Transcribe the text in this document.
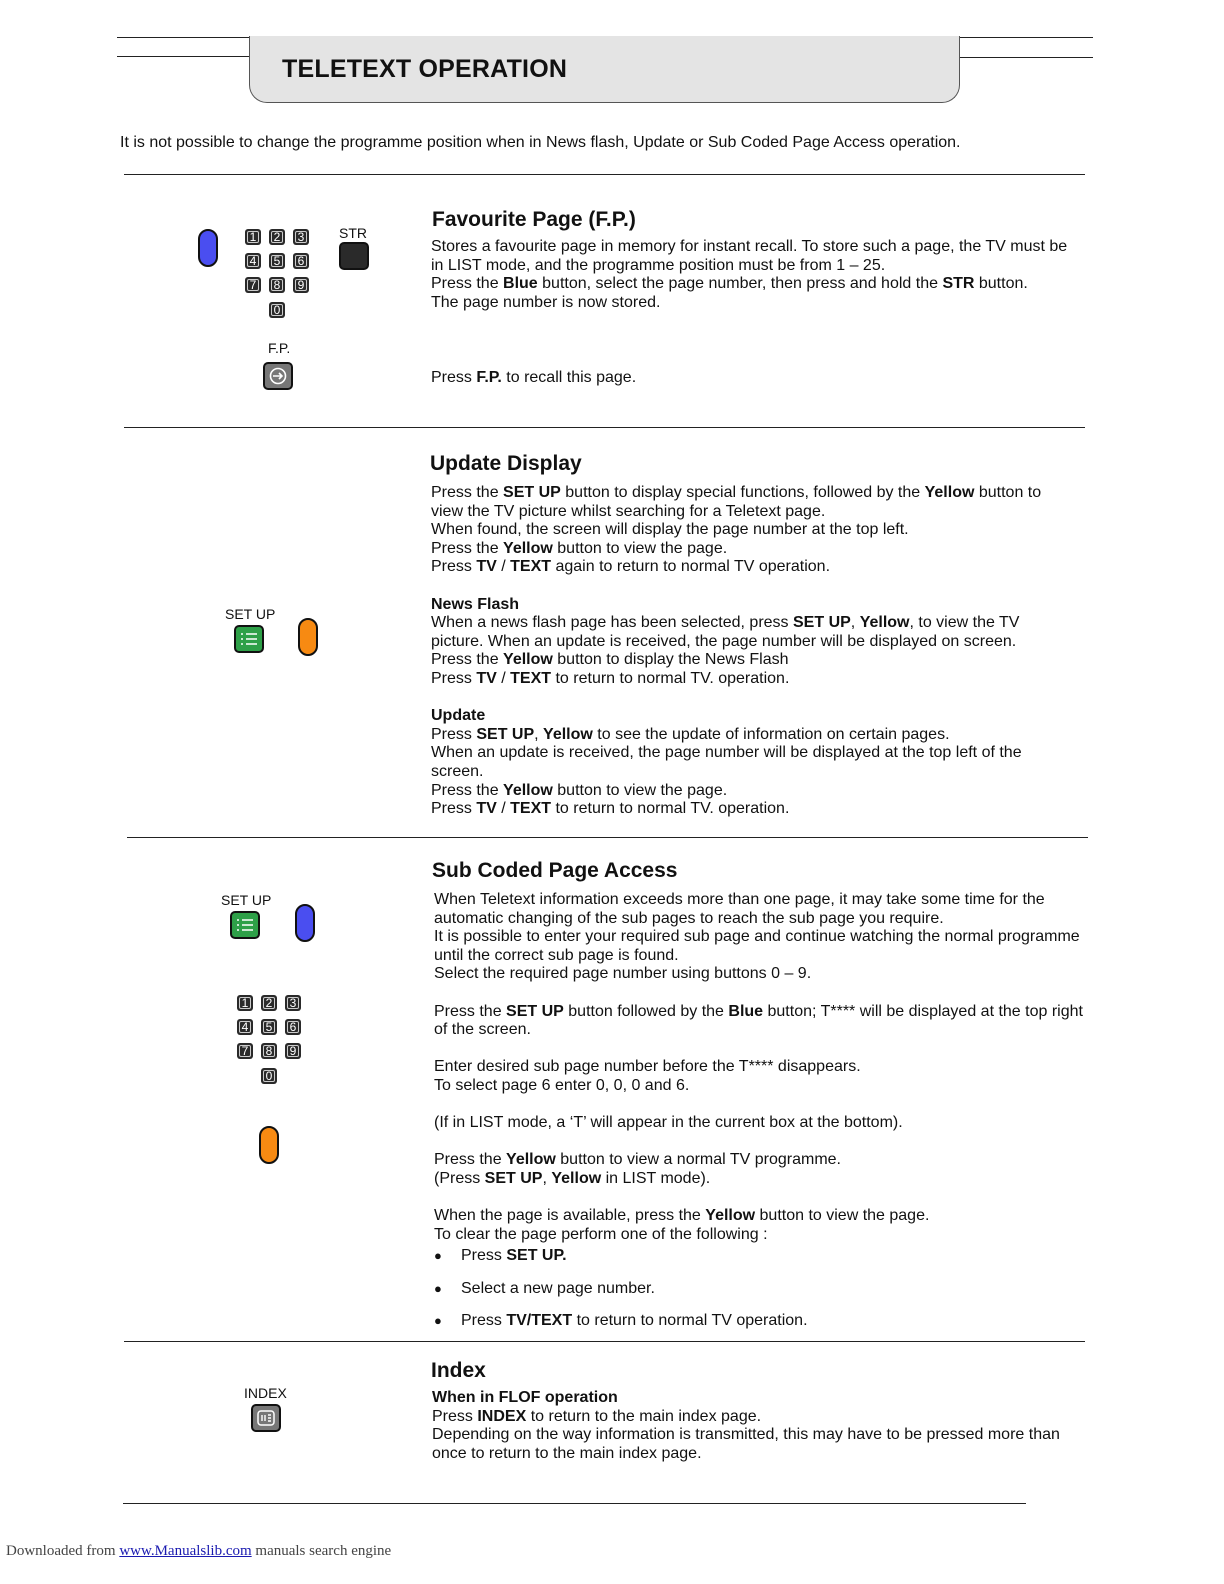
TELETEXT OPERATION
It is not possible to change the programme position when in News flash, Update or Sub Coded Page Access operation.
1	2	3
4	5	6
7	8	9
0
STR
F.P.
Favourite Page (F.P.)

Stores a favourite page in memory for instant recall. To store such a page, the TV must be in LIST mode, and the programme position must be from 1 – 25.

Press the Blue button, select the page number, then press and hold the STR button.

The page number is now stored.

Press F.P. to recall this page.

SET UP
Update Display

Press the SET UP button to display special functions, followed by the Yellow button to view the TV picture whilst searching for a Teletext page.

When found, the screen will display the page number at the top left.

Press the Yellow button to view the page.

Press TV / TEXT again to return to normal TV operation.

News Flash

When a news flash page has been selected, press SET UP, Yellow, to view the TV picture. When an update is received, the page number will be displayed on screen.

Press the Yellow button to display the News Flash

Press TV / TEXT to return to normal TV. operation.

Update

Press SET UP, Yellow to see the update of information on certain pages.

When an update is received, the page number will be displayed at the top left of the screen.

Press the Yellow button to view the page.

Press TV / TEXT to return to normal TV. operation.

SET UP
1	2	3
4	5	6
7	8	9
0
Sub Coded Page Access

When Teletext information exceeds more than one page, it may take some time for the automatic changing of the sub pages to reach the sub page you require.

It is possible to enter your required sub page and continue watching the normal programme until the correct sub page is found.

Select the required page number using buttons 0 – 9.

Press the SET UP button followed by the Blue button; T**** will be displayed at the top right of the screen.

Enter desired sub page number before the T**** disappears.

To select page 6 enter 0, 0, 0 and 6.

(If in LIST mode, a ‘T’ will appear in the current box at the bottom).

Press the Yellow button to view a normal TV programme.

(Press SET UP, Yellow in LIST mode).

When the page is available, press the Yellow button to view the page.

To clear the page perform one of the following :

● Press SET UP.
● Select a new page number.
● Press TV/TEXT to return to normal TV operation.
INDEX
Index

When in FLOF operation

Press INDEX to return to the main index page.

Depending on the way information is transmitted, this may have to be pressed more than once to return to the main index page.

Downloaded from www.Manualslib.com manuals search engine
